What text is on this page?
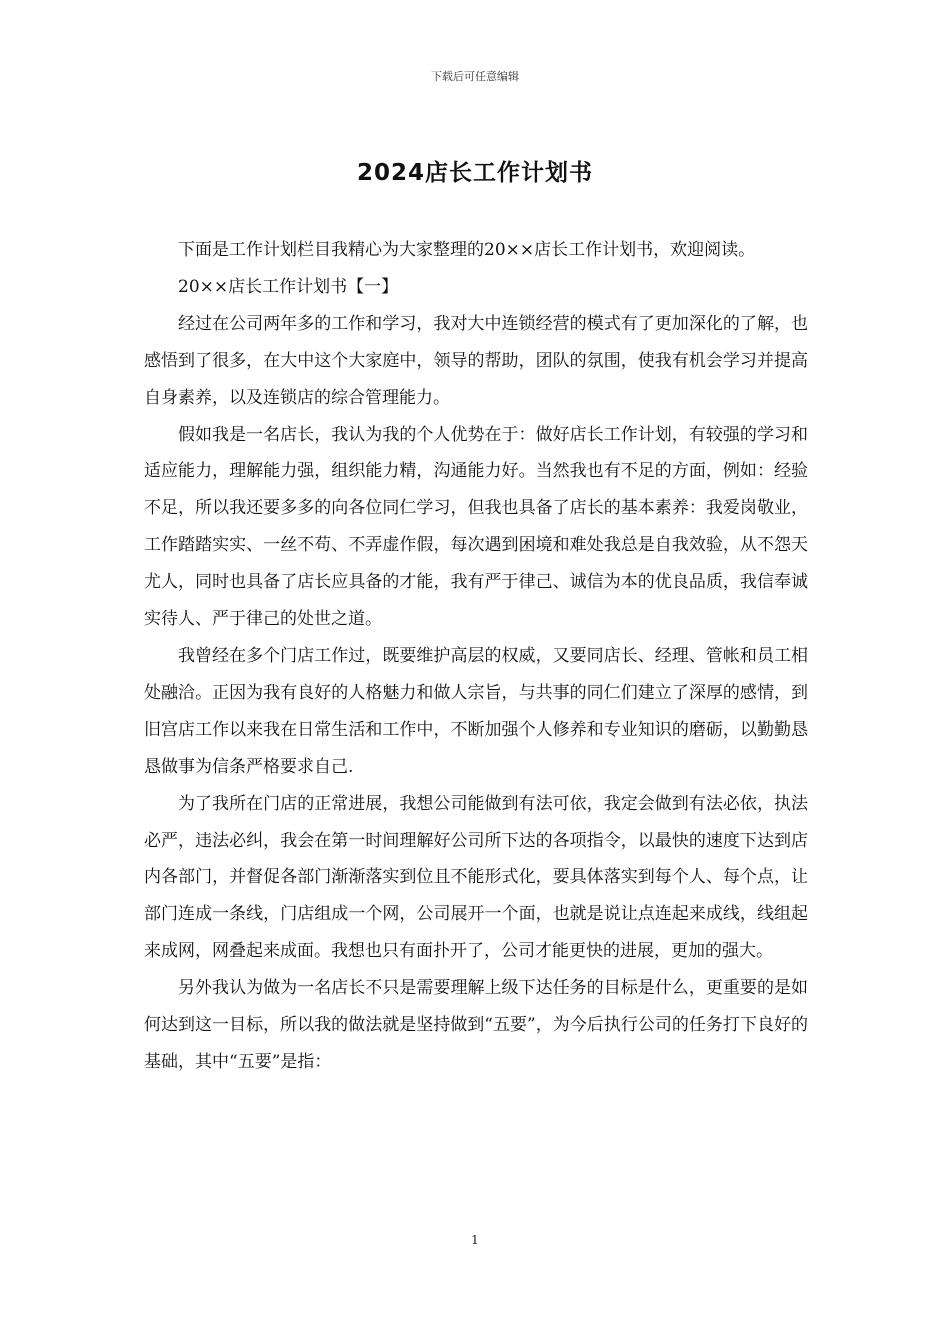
下载后可任意编辑
2024店长工作计划书

下面是工作计划栏目我精心为大家整理的20××店长工作计划书，欢迎阅读。

20××店长工作计划书【一】

经过在公司两年多的工作和学习，我对大中连锁经营的模式有了更加深化的了解，也感悟到了很多，在大中这个大家庭中，领导的帮助，团队的氛围，使我有机会学习并提高自身素养，以及连锁店的综合管理能力。

假如我是一名店长，我认为我的个人优势在于：做好店长工作计划，有较强的学习和适应能力，理解能力强，组织能力精，沟通能力好。当然我也有不足的方面，例如：经验不足，所以我还要多多的向各位同仁学习，但我也具备了店长的基本素养：我爱岗敬业，工作踏踏实实、一丝不苟、不弄虚作假，每次遇到困境和难处我总是自我效验，从不怨天尤人，同时也具备了店长应具备的才能，我有严于律己、诚信为本的优良品质，我信奉诚实待人、严于律己的处世之道。

我曾经在多个门店工作过，既要维护高层的权威，又要同店长、经理、管帐和员工相处融洽。正因为我有良好的人格魅力和做人宗旨，与共事的同仁们建立了深厚的感情，到旧宫店工作以来我在日常生活和工作中，不断加强个人修养和专业知识的磨砺，以勤勤恳恳做事为信条严格要求自己.

为了我所在门店的正常进展，我想公司能做到有法可依，我定会做到有法必依，执法必严，违法必纠，我会在第一时间理解好公司所下达的各项指令，以最快的速度下达到店内各部门，并督促各部门渐渐落实到位且不能形式化，要具体落实到每个人、每个点，让部门连成一条线，门店组成一个网，公司展开一个面，也就是说让点连起来成线，线组起来成网，网叠起来成面。我想也只有面扑开了，公司才能更快的进展，更加的强大。

另外我认为做为一名店长不只是需要理解上级下达任务的目标是什么，更重要的是如何达到这一目标，所以我的做法就是坚持做到“五要”，为今后执行公司的任务打下良好的基础，其中“五要”是指：

1
